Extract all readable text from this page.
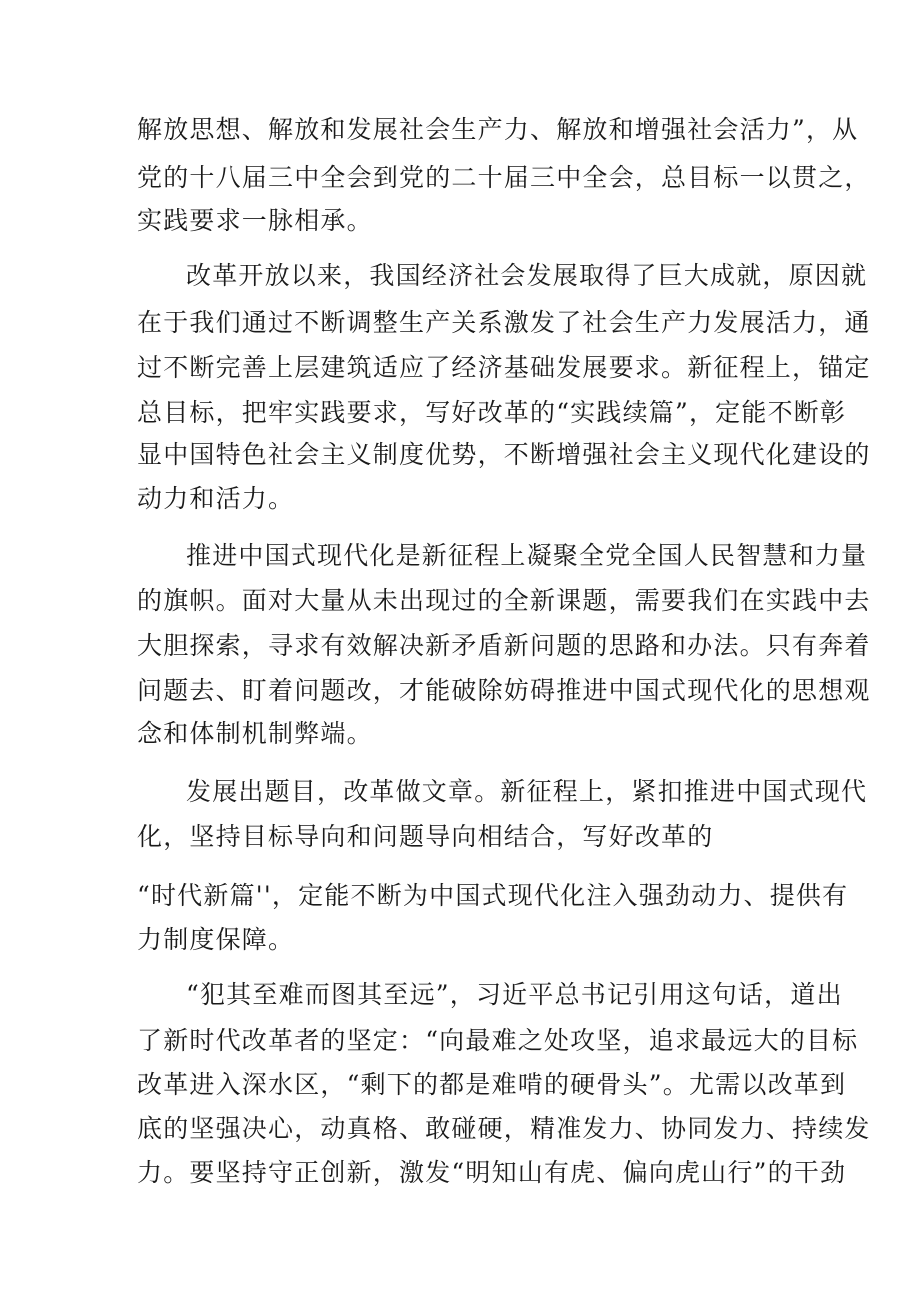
解放思想、解放和发展社会生产力、解放和增强社会活力”，从
党的十八届三中全会到党的二十届三中全会，总目标一以贯之，
实践要求一脉相承。
改革开放以来，我国经济社会发展取得了巨大成就，原因就
在于我们通过不断调整生产关系激发了社会生产力发展活力，通
过不断完善上层建筑适应了经济基础发展要求。新征程上，锚定
总目标，把牢实践要求，写好改革的“实践续篇”，定能不断彰
显中国特色社会主义制度优势，不断增强社会主义现代化建设的
动力和活力。
推进中国式现代化是新征程上凝聚全党全国人民智慧和力量
的旗帜。面对大量从未出现过的全新课题，需要我们在实践中去
大胆探索，寻求有效解决新矛盾新问题的思路和办法。只有奔着
问题去、盯着问题改，才能破除妨碍推进中国式现代化的思想观
念和体制机制弊端。
发展出题目，改革做文章。新征程上，紧扣推进中国式现代
化，坚持目标导向和问题导向相结合，写好改革的
“时代新篇''，定能不断为中国式现代化注入强劲动力、提供有
力制度保障。
“犯其至难而图其至远”，习近平总书记引用这句话，道出
了新时代改革者的坚定：“向最难之处攻坚，追求最远大的目标
改革进入深水区，“剩下的都是难啃的硬骨头”。尤需以改革到
底的坚强决心，动真格、敢碰硬，精准发力、协同发力、持续发
力。要坚持守正创新，激发“明知山有虎、偏向虎山行”的干劲
